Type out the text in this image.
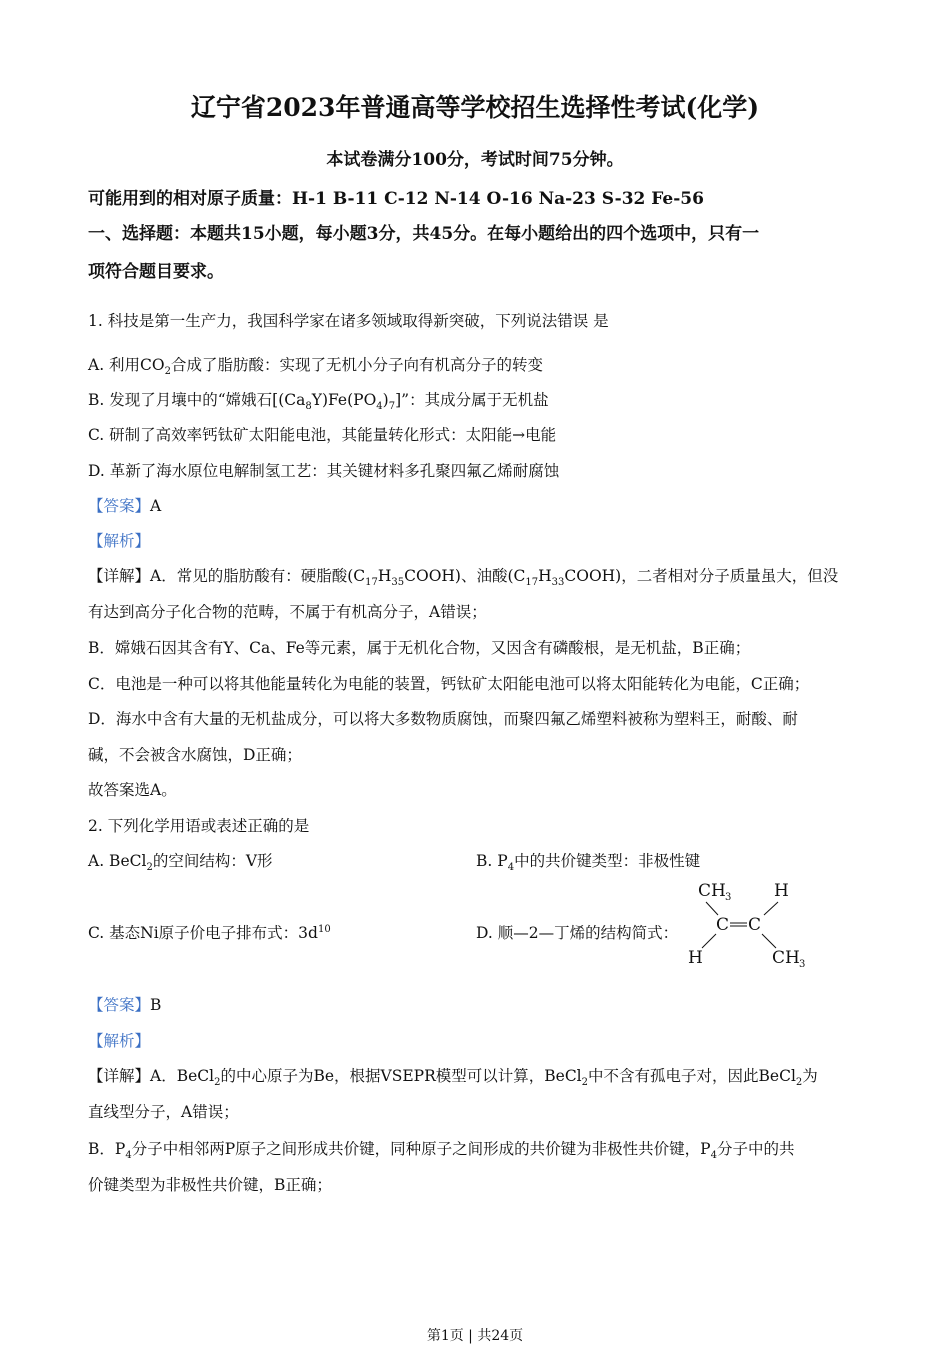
辽宁省2023年普通高等学校招生选择性考试(化学)
本试卷满分100分，考试时间75分钟。
可能用到的相对原子质量：H-1 B-11 C-12 N-14 O-16 Na-23 S-32 Fe-56
一、选择题：本题共15小题，每小题3分，共45分。在每小题给出的四个选项中，只有一
项符合题目要求。
1. 科技是第一生产力，我国科学家在诸多领域取得新突破，下列说法错误 是
A. 利用$CO_2$合成了脂肪酸：实现了无机小分子向有机高分子的转变
B. 发现了月壤中的“嫦娥石$[(Ca_8Y)Fe(PO_4)_7]$”：其成分属于无机盐
C. 研制了高效率钙钛矿太阳能电池，其能量转化形式：太阳能→电能
D. 革新了海水原位电解制氢工艺：其关键材料多孔聚四氟乙烯耐腐蚀
【答案】A
【解析】
【详解】A．常见的脂肪酸有：硬脂酸$(C_{17}H_{35}COOH)$、油酸$(C_{17}H_{33}COOH)$，二者相对分子质量虽大，但没
有达到高分子化合物的范畴，不属于有机高分子，A错误；
B．嫦娥石因其含有Y、Ca、Fe等元素，属于无机化合物，又因含有磷酸根，是无机盐，B正确；
C．电池是一种可以将其他能量转化为电能的装置，钙钛矿太阳能电池可以将太阳能转化为电能，C正确；
D．海水中含有大量的无机盐成分，可以将大多数物质腐蚀，而聚四氟乙烯塑料被称为塑料王，耐酸、耐
碱，不会被含水腐蚀，D正确；
故答案选A。
2. 下列化学用语或表述正确的是
A. BeCl$_2$的空间结构：V形	B. $P_4$中的共价键类型：非极性键
C. 基态Ni原子价电子排布式：$3d^{10}$	D. 顺—2—丁烯的结构简式：
CH 3	H
C C
H	CH 3
【答案】B
【解析】
【详解】A．BeCl$_2$的中心原子为Be，根据VSEPR模型可以计算，BeCl$_2$中不含有孤电子对，因此BeCl$_2$为
直线型分子，A错误；
B．$P_4$分子中相邻两P原子之间形成共价键，同种原子之间形成的共价键为非极性共价键，$P_4$分子中的共
价键类型为非极性共价键，B正确；
第1页 | 共24页
